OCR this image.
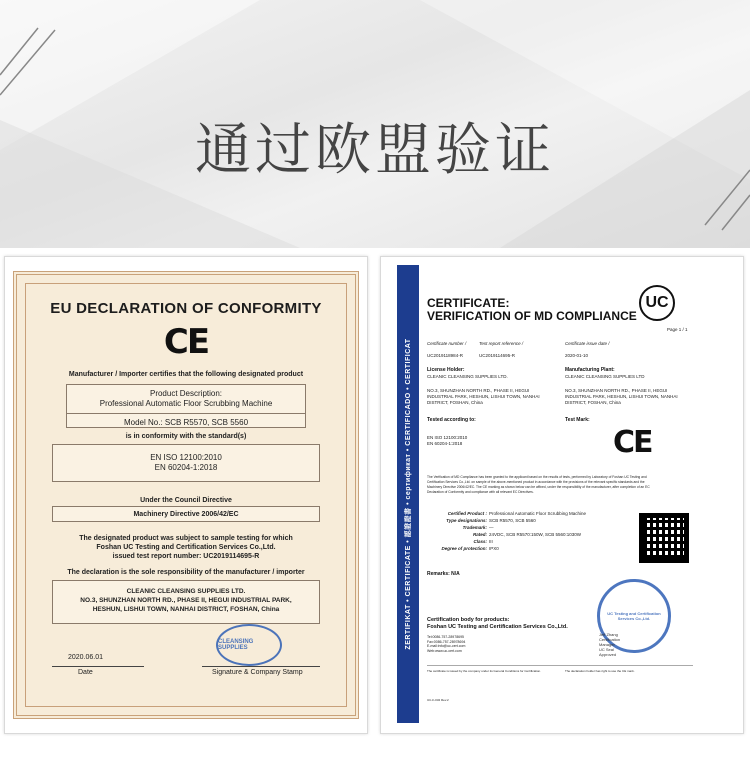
通过欧盟验证
EU DECLARATION OF CONFORMITY
CE
Manufacturer / Importer certifies that the following designated product
Product Description:
Professional Automatic Floor Scrubbing Machine
Model No.: SCB R5570, SCB 5560
is in conformity with the standard(s)
EN ISO 12100:2010
EN 60204-1:2018
Under the Council Directive
Machinery Directive 2006/42/EC
The designated product was subject to sample testing for which
Foshan UC Testing and Certification Services Co.,Ltd.
issued test report number: UC2019114695-R
The declaration is the sole responsibility of the manufacturer / importer
CLEANIC CLEANSING SUPPLIES LTD.
NO.3, SHUNZHAN NORTH RD., PHASE II, HEGUI INDUSTRIAL PARK,
HESHUN, LISHUI TOWN, NANHAI DISTRICT, FOSHAN, China
2020.06.01
Date
CLEANSING SUPPLIES
Signature & Company Stamp
ZERTIFIKAT • CERTIFICATE • 認證證書 • сертификат • CERTIFICADO • CERTIFICAT
CERTIFICATE:
VERIFICATION OF MD COMPLIANCE
UC
Page 1 / 1
Certificate number /
UC2019118984-R
Test report reference /
UC2019114695-R
Certificate issue date /
2020-01-10
License Holder:
CLEANIC CLEANSING SUPPLIES LTD.
Manufacturing Plant:
CLEANIC CLEANSING SUPPLIES LTD
NO.3, SHUNZHAN NORTH RD., PHASE II, HEGUI
INDUSTRIAL PARK, HESHUN, LISHUI TOWN, NANHAI
DISTRICT, FOSHAN, China
NO.3, SHUNZHAN NORTH RD., PHASE II, HEGUI
INDUSTRIAL PARK, HESHUN, LISHUI TOWN, NANHAI
DISTRICT, FOSHAN, China
Tested according to:	Test Mark:
EN ISO 12100:2010
EN 60204-1:2018	CE
The Verification of MD Compliance has been granted to the applicant based on the results of tests, performed by Laboratory of Foshan UC Testing and
Certification Services Co.,Ltd. on sample of the above-mentioned product in accordance with the provisions of the relevant specific standards and the
Machinery Directive 2006/42/EC. The CE marking as shown below can be affixed, under the responsibility of the manufacturer, after completion of an EC
Declaration of Conformity and compliance with all relevant EC Directives.
Certified Product : Professional Automatic Floor Scrubbing Machine
Type designations: SCB R5570, SCB 5560
Trademark: —
Rated: 24VDC, SCB R5570:150W, SCB 5560:1030W
Class: III
Degree of protection: IPX0
Remarks: N/A
Certification body for products:
Foshan UC Testing and Certification Services Co.,Ltd.
Tel:0086-757-28978695
Fax:0086-757-28978694
E-mail:info@uc-cert.com
Web:www.uc-cert.com
UC Testing and Certification Services Co.,Ltd.
Jeff Zhang
Certification
Manager
UC Seal
Approved
The certificate is issued by the company under its General Conditions for Certification.	The declaration holder has right to use the CE mark.
UC-F-032 Rev.2
